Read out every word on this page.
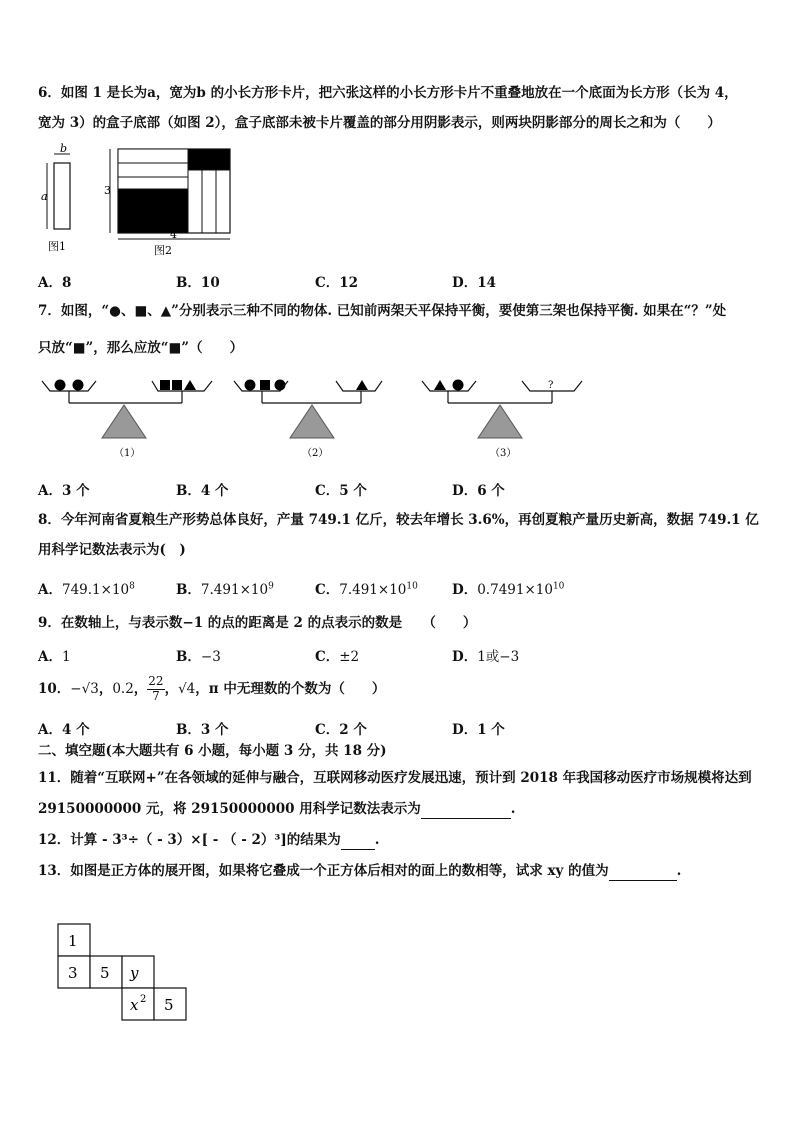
6．如图 1 是长为a，宽为b 的小长方形卡片，把六张这样的小长方形卡片不重叠地放在一个底面为长方形（长为 4，
宽为 3）的盒子底部（如图 2），盒子底部未被卡片覆盖的部分用阴影表示，则两块阴影部分的周长之和为（　　）
b
a
图1
3
4
图2
A．8	B．10	C．12	D．14
7．如图，“●、■、▲”分别表示三种不同的物体. 已知前两架天平保持平衡，要使第三架也保持平衡. 如果在“？”处
只放“■”，那么应放“■”（　　）
（1）	（2）
?
（3）
A．3 个	B．4 个	C．5 个	D．6 个
8．今年河南省夏粮生产形势总体良好，产量 749.1 亿斤，较去年增长 3.6%，再创夏粮产量历史新高，数据 749.1 亿
用科学记数法表示为(　)
A．$749.1\times 10^8$	B．$7.491\times 10^9$	C．$7.491\times 10^{10}$	D．$0.7491\times 10^{10}$
9．在数轴上，与表示数−1 的点的距离是 2 的点表示的数是　　（　　）
A．1	B．−3	C．±2	D．1或−3
10． −√3 ， 0.2 ， $\frac{22}{7}$ ， √4 ， π 中无理数的个数为（　　）
A．4 个	B．3 个	C．2 个	D．1 个
二、填空题(本大题共有 6 小题，每小题 3 分，共 18 分)
11．随着“互联网+”在各领域的延伸与融合，互联网移动医疗发展迅速，预计到 2018 年我国移动医疗市场规模将达到
29150000000 元，将 29150000000 用科学记数法表示为	.
12．计算 - 3³÷（ - 3）×[ - （ - 2）³]的结果为	.
13．如图是正方体的展开图，如果将它叠成一个正方体后相对的面上的数相等，试求 xy 的值为	.
1
3 5 y
x 2 5
